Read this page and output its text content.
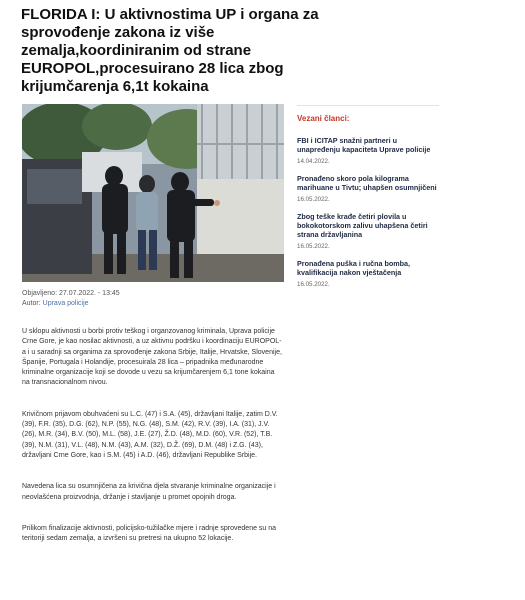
FLORIDA I: U aktivnostima UP i organa za sprovođenje zakona iz više zemalja,koordiniranim od strane EUROPOL,procesuirano 28 lica zbog krijumčarenja 6,1t kokaina
Objavljeno: 27.07.2022. - 13:45
Autor: Uprava policije
Vezani članci:
FBI i ICITAP snažni partneri u unapređenju kapaciteta Uprave policije
14.04.2022.
Pronađeno skoro pola kilograma marihuane u Tivtu; uhapšen osumnjičeni
16.05.2022.
Zbog teške krađe četiri plovila u bokokotorskom zalivu uhapšena četiri strana državljanina
16.05.2022.
Pronađena puška i ručna bomba, kvalifikacija nakon vještačenja
16.05.2022.

U sklopu aktivnosti u borbi protiv teškog i organzovanog kriminala, Uprava policije Crne Gore, je kao nosilac aktivnosti, a uz aktivnu podršku i koordinaciju EUROPOL-a i u saradnji sa organima za sprovođenje zakona Srbije, Italije, Hrvatske, Slovenije, Španije, Portugala i Holandije, procesuirala 28 lica – pripadnika međunarodne kriminalne organizacije koji se dovode u vezu sa krijumčarenjem 6,1 tone kokaina na transnacionalnom nivou.

Krivičnom prijavom obuhvaćeni su L.C. (47) i S.A. (45), državljani Italije, zatim D.V. (39), F.R. (35), D.G. (62), N.P. (55), N.G. (48), S.M. (42), R.V. (39), I.A. (31), J.V. (26), M.R. (34), B.V. (50), M.L. (58), J.E. (27), Ž.D. (48), M.D. (60), V.R. (52), T.B. (39), N.M. (31), V.L. (48), N.M. (43), A.M. (32), D.Ž. (69), D.M. (48) i Z.G. (43), državljani Crne Gore, kao i S.M. (45) i A.D. (46), državljani Republike Srbije.

Navedena lica su osumnjičena za krivična djela stvaranje kriminalne organizacije i neovlašćena proizvodnja, držanje i stavljanje u promet opojnih droga.

Prilikom finalizacije aktivnosti, policijsko-tužilačke mjere i radnje sprovedene su na teritoriji sedam zemalja, a izvršeni su pretresi na ukupno 52 lokacije.
